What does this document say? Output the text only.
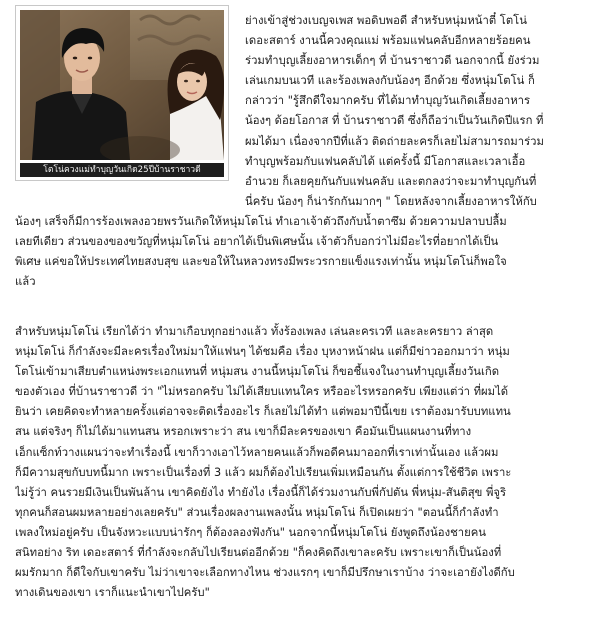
โตโน่ควงแม่ทำบุญวันเกิด25ปีบ้านราชาวดี
ย่างเข้าสู่ช่วงเบญจเพส พอดิบพอดี สำหรับหนุ่มหน้าตี๋ โตโน่
เดอะสตาร์ งานนี้ควงคุณแม่ พร้อมแฟนคลับอีกหลายร้อยคน
ร่วมทำบุญเลี้ยงอาหารเด็กๆ ที่ บ้านราชาวดี นอกจากนี้ ยังร่วม
เล่นเกมบนเวที และร้องเพลงกับน้องๆ อีกด้วย ซึ่งหนุ่มโตโน่ ก็
กล่าวว่า "รู้สึกดีใจมากครับ ที่ได้มาทำบุญวันเกิดเลี้ยงอาหาร
น้องๆ ด้อยโอกาส ที่ บ้านราชาวดี ซึ่งก็ถือว่าเป็นวันเกิดปีแรก ที่
ผมได้มา เนื่องจากปีที่แล้ว ติดถ่ายละครก็เลยไม่สามารถมาร่วม
ทำบุญพร้อมกับแฟนคลับได้ แต่ครั้งนี้ มีโอกาสและเวลาเอื้อ
อำนวย ก็เลยคุยกันกับแฟนคลับ และตกลงว่าจะมาทำบุญกันที่
นี่ครับ น้องๆ ก็น่ารักกันมากๆ " โดยหลังจากเลี้ยงอาหารให้กับ
น้องๆ เสร็จก็มีการร้องเพลงอวยพรวันเกิดให้หนุ่มโตโน่ ทำเอาเจ้าตัวถึงกับน้ำตาซึม ด้วยความปลาบปลื้ม
เลยทีเดียว ส่วนของของขวัญที่หนุ่มโตโน่ อยากได้เป็นพิเศษนั้น เจ้าตัวก็บอกว่าไม่มีอะไรที่อยากได้เป็น
พิเศษ แค่ขอให้ประเทศไทยสงบสุข และขอให้ในหลวงทรงมีพระวรกายแข็งแรงเท่านั้น หนุ่มโตโน่ก็พอใจ
แล้ว
สำหรับหนุ่มโตโน่ เรียกได้ว่า ทำมาเกือบทุกอย่างแล้ว ทั้งร้องเพลง เล่นละครเวที และละครยาว ล่าสุด
หนุ่มโตโน่ ก็กำลังจะมีละครเรื่องใหม่มาให้แฟนๆ ได้ชมคือ เรื่อง บุหงาหน้าฝน แต่ก็มีข่าวออกมาว่า หนุ่ม
โตโน่เข้ามาเสียบตำแหน่งพระเอกแทนที่ หนุ่มสน งานนี้หนุ่มโตโน่ ก็ขอชี้แจงในงานทำบุญเลี้ยงวันเกิด
ของตัวเอง ที่บ้านราชาวดี ว่า "ไม่หรอกครับ ไม่ได้เสียบแทนใคร หรืออะไรหรอกครับ เพียงแต่ว่า ที่ผมได้
ยินว่า เคยคิดจะทำหลายครั้งแต่อาจจะติดเรื่องอะไร ก็เลยไม่ได้ทำ แต่พอมาปีนี้เขย เราต้องมารับบทแทน
สน แต่จริงๆ ก็ไม่ได้มาแทนสน หรอกเพราะว่า สน เขาก็มีละครของเขา คือมันเป็นแผนงานที่ทาง
เอ็กแซ็กท์วางแผนว่าจะทำเรื่องนี้ เขาก็วางเอาไว้หลายคนแล้วก็พอดีคนมาออกที่เราเท่านั้นเอง แล้วผม
ก็มีความสุขกับบทนี้มาก เพราะเป็นเรื่องที่ 3 แล้ว ผมก็ต้องไปเรียนเพิ่มเหมือนกัน ตั้งแต่การใช้ชีวิต เพราะ
ไม่รู้ว่า คนรวยมีเงินเป็นพันล้าน เขาคิดยังไง ทำยังไง เรื่องนี้ก็ได้ร่วมงานกับพี่กัปตัน พี่หนุ่ม-สันติสุข พี่จูริ
ทุกคนก็สอนผมหลายอย่างเลยครับ" ส่วนเรื่องผลงานเพลงนั้น หนุ่มโตโน่ ก็เปิดเผยว่า "ตอนนี้ก็กำลังทำ
เพลงใหม่อยู่ครับ เป็นจังหวะแบบน่ารักๆ ก็ต้องลองฟังกัน" นอกจากนี้หนุ่มโตโน่ ยังพูดถึงน้องชายคน
สนิทอย่าง ริท เดอะสตาร์ ที่กำลังจะกลับไปเรียนต่ออีกด้วย "ก็คงคิดถึงเขาละครับ เพราะเขาก็เป็นน้องที่
ผมรักมาก ก็ดีใจกับเขาครับ ไม่ว่าเขาจะเลือกทางไหน ช่วงแรกๆ เขาก็มีปรึกษาเราบ้าง ว่าจะเอายังไงดีกับ
ทางเดินของเขา เราก็แนะนำเขาไปครับ"
